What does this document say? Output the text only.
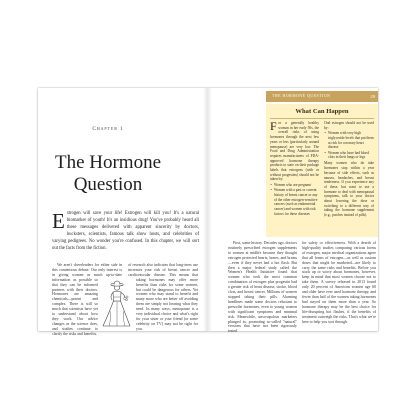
Chapter 1
The Hormone
Question
E strogen will save your life! Estrogen will kill you! It's a natural biomarker of youth! It's an insidious drug! You've probably heard all these messages delivered with apparent sincerity by doctors, hucksters, scientists, famous talk show hosts, and celebrities of varying pedigrees. No wonder you're confused. In this chapter, we will sort out the facts from the fiction.

We aren't cheerleaders for either side in this contentious debate. Our only interest is in giving women as much up-to-date information as possible so that they can be informed partners with their doctors. Hormones are amazing chemicals—potent and complex. There is still so much that scientists have yet to understand about how they work. Our advice changes as the science does, and studies continue to clarify the risks and benefits.

of research also indicates that long-term use increases your risk of breast cancer and cardiovascular disease. This means that taking hormones may offer more benefits than risks for some women, but could be dangerous for others. Yet women who may stand to benefit and many more who are better off avoiding them are simply not hearing what they need. In many ways, menopause is a very individual choice and what's right for your sister or your friend (or some celebrity on TV) may not be right for you.

THE HORMONE QUESTION	29
What Can Happen
F or a generally healthy woman in her early 50s, the overall risks of using hormones through the next few years or less (particularly around menopause) are very low. The Food and Drug Administration requires manufacturers of FDA-approved hormone therapy products to state on their package labels that estrogens (with or without progestins) should not be taken by:
• Women who are pregnant
• Women with a past or current history of breast cancer or any of the other estrogen-sensitive cancers (such as endometrial cancer) and women with risk factors for these diseases

Oral estrogen should not be used by:

• Women with very high triglyceride levels that put them at risk for coronary heart disease
• Women who have had blood clots in their lungs or legs

Many women who do take hormones stop within a year because of side effects, such as nausea, headaches, and breast tenderness. If you experience any of these, but want to use a hormone to deal with menopausal symptoms, talk to your doctor about lowering the dose or switching to a different way of taking the hormone supplement (e.g., patches instead of pills).

First, some history. Decades ago, doctors routinely prescribed estrogen supplements to women at midlife because they thought estrogen protected hearts, bones, and brains—even if they never had a hot flash. But then a major federal study called the Women's Health Initiative found that women who took the most common combination of estrogen plus progestin had a greater risk of heart disease, stroke, blood clots, and breast cancer. Millions of women stopped taking their pills. Alarming headlines made some doctors reluctant to prescribe hormones, even to young women with significant symptoms and minimal risk. Meanwhile, unscrupulous marketers plunged in, promoting so-called "natural" versions that have not been rigorously tested

for safety or effectiveness. With a dearth of high-quality studies comparing various forms of estrogen, major medical organizations agree that all forms of estrogen—as well as custom doses that might be marketed—are likely to carry the same risks and benefits. Before you stock up or worry about hormones, however, keep in mind that most women choose not to take them. A survey released in 2013 found only 20 percent of American women age 60 and older have ever used hormone therapy, and fewer than half of the women taking hormones had stayed on them more than a year. So hormone therapy may be the best choice for life-disrupting hot flashes, if the benefits of treatment outweigh the risks. That's what we're here to help you sort through.
